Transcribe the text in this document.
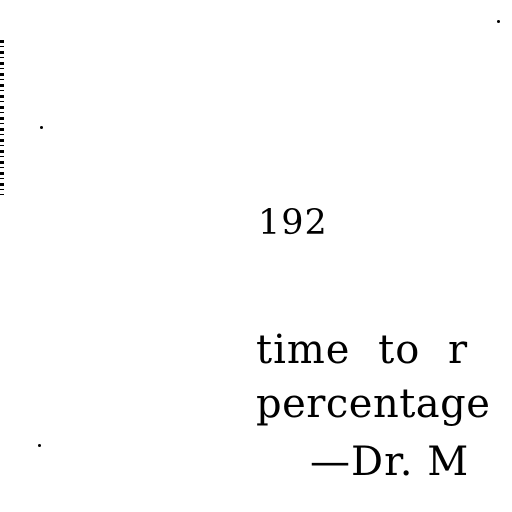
192
time to r
percentage
—Dr. M
